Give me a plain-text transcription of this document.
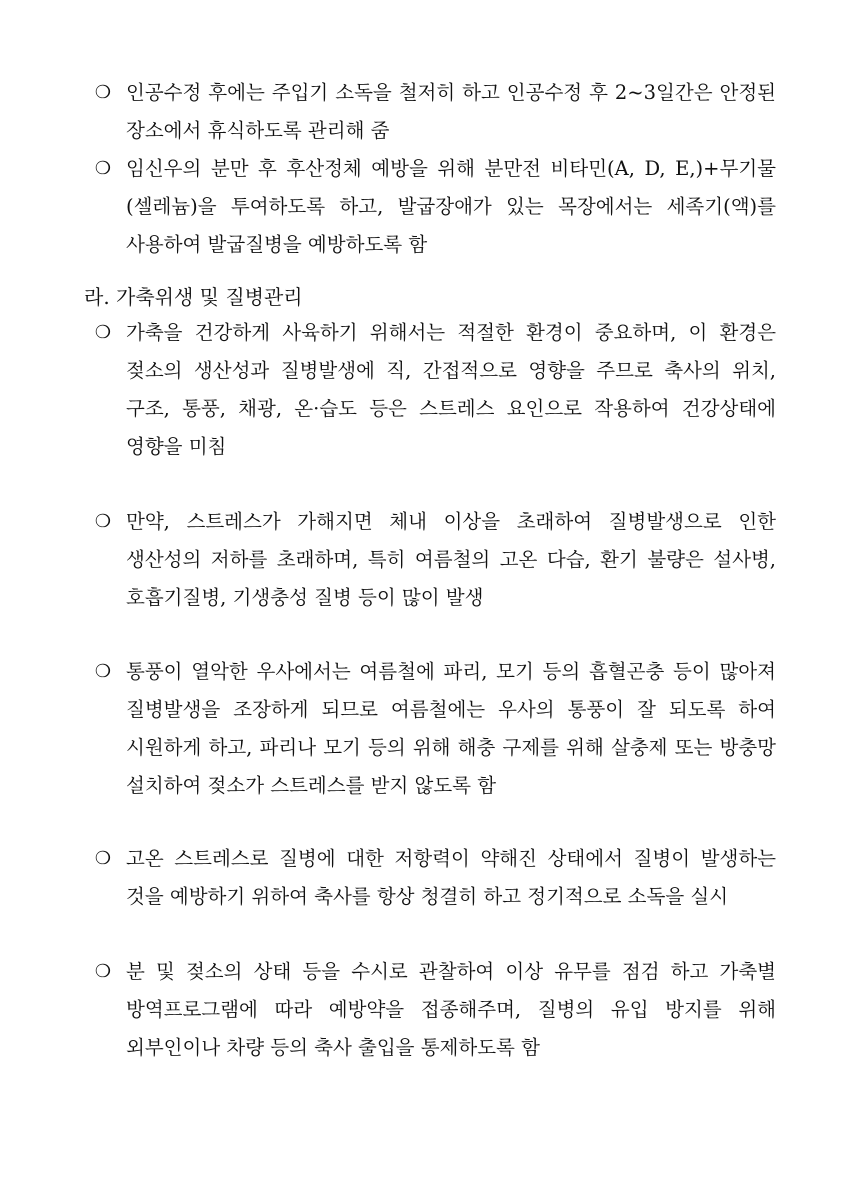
❍ 인공수정 후에는 주입기 소독을 철저히 하고 인공수정 후 2~3일간은 안정된 장소에서 휴식하도록 관리해 줌
❍ 임신우의 분만 후 후산정체 예방을 위해 분만전 비타민(A, D, E,)+무기물(셀레늄)을 투여하도록 하고, 발굽장애가 있는 목장에서는 세족기(액)를 사용하여 발굽질병을 예방하도록 함
라. 가축위생 및 질병관리
❍ 가축을 건강하게 사육하기 위해서는 적절한 환경이 중요하며, 이 환경은 젖소의 생산성과 질병발생에 직, 간접적으로 영향을 주므로 축사의 위치, 구조, 통풍, 채광, 온·습도 등은 스트레스 요인으로 작용하여 건강상태에 영향을 미침
❍ 만약, 스트레스가 가해지면 체내 이상을 초래하여 질병발생으로 인한 생산성의 저하를 초래하며, 특히 여름철의 고온 다습, 환기 불량은 설사병, 호흡기질병, 기생충성 질병 등이 많이 발생
❍ 통풍이 열악한 우사에서는 여름철에 파리, 모기 등의 흡혈곤충 등이 많아져 질병발생을 조장하게 되므로 여름철에는 우사의 통풍이 잘 되도록 하여 시원하게 하고, 파리나 모기 등의 위해 해충 구제를 위해 살충제 또는 방충망 설치하여 젖소가 스트레스를 받지 않도록 함
❍ 고온 스트레스로 질병에 대한 저항력이 약해진 상태에서 질병이 발생하는 것을 예방하기 위하여 축사를 항상 청결히 하고 정기적으로 소독을 실시
❍ 분 및 젖소의 상태 등을 수시로 관찰하여 이상 유무를 점검 하고 가축별 방역프로그램에 따라 예방약을 접종해주며, 질병의 유입 방지를 위해 외부인이나 차량 등의 축사 출입을 통제하도록 함
